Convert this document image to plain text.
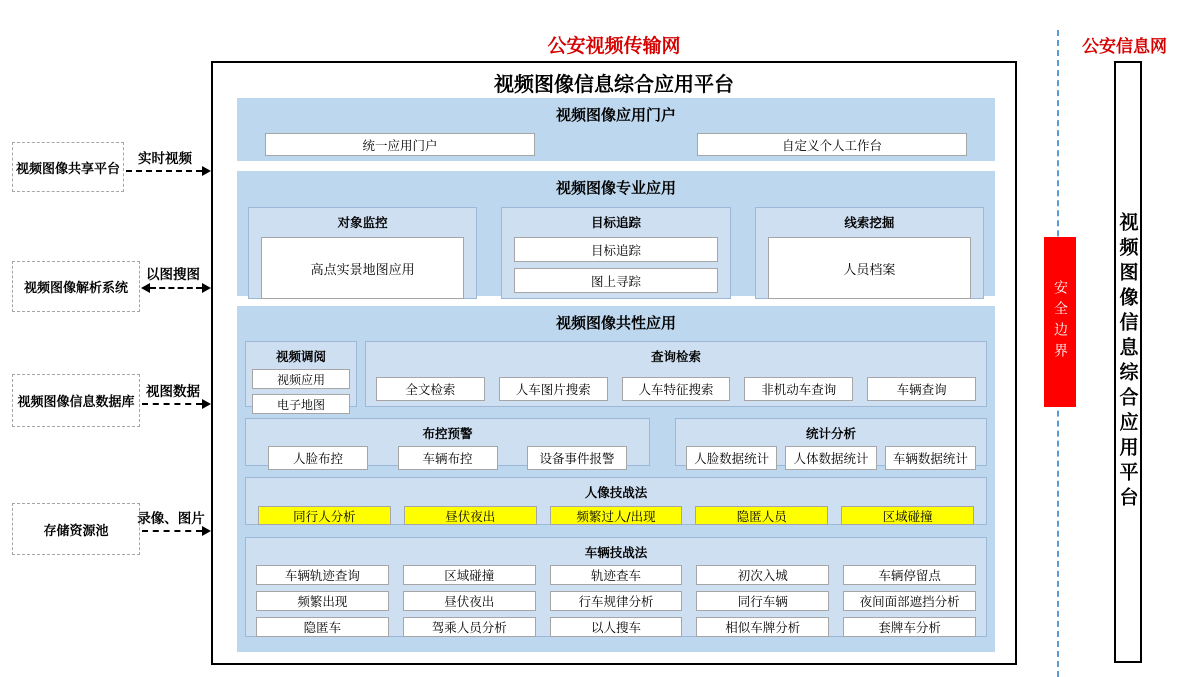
公安视频传输网	公安信息网
视频图像共享平台
视频图像解析系统
视频图像信息数据库
存储资源池
实时视频
以图搜图
视图数据
录像、图片
视频图像信息综合应用平台
视频图像应用门户
统一应用门户	自定义个人工作台
视频图像专业应用
对象监控
高点实景地图应用
目标追踪
目标追踪
图上寻踪
线索挖掘
人员档案
视频图像共性应用
视频调阅
视频应用
电子地图
查询检索
全文检索	人车图片搜索	人车特征搜索	非机动车查询	车辆查询
布控预警
人脸布控	车辆布控	设备事件报警
统计分析
人脸数据统计	人体数据统计	车辆数据统计
人像技战法
同行人分析	昼伏夜出	频繁过人/出现	隐匿人员	区域碰撞
车辆技战法
车辆轨迹查询	区域碰撞	轨迹查车	初次入城	车辆停留点
频繁出现	昼伏夜出	行车规律分析	同行车辆	夜间面部遮挡分析
隐匿车	驾乘人员分析	以人搜车	相似车牌分析	套牌车分析
安全边界	视频图像信息综合应用平台
